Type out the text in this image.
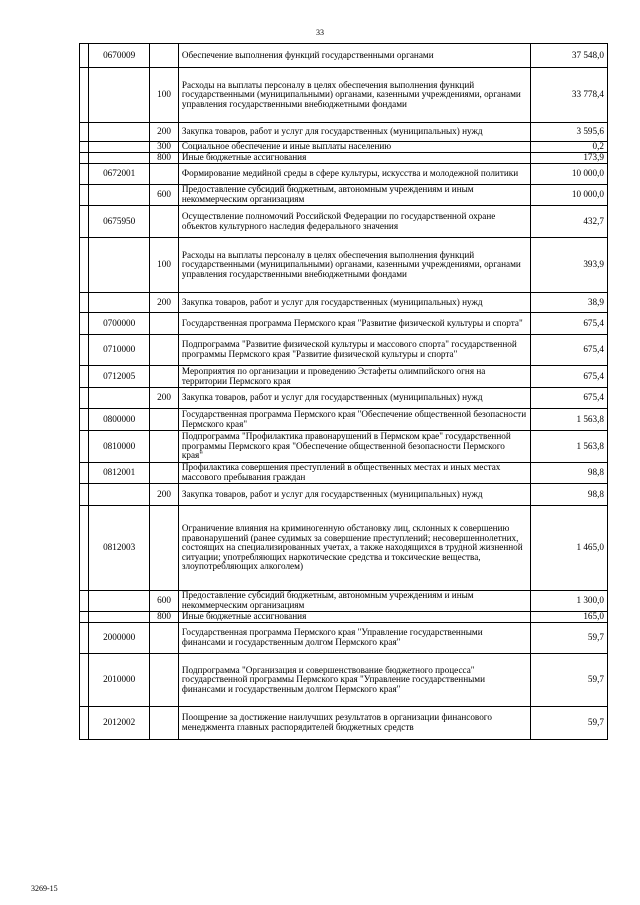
33
	0670009		Обеспечение выполнения функций государственными органами	37 548,0
		100	Расходы на выплаты персоналу в целях обеспечения выполнения функций государственными (муниципальными) органами, казенными учреждениями, органами управления государственными внебюджетными фондами	33 778,4
		200	Закупка товаров, работ и услуг для государственных (муниципальных) нужд	3 595,6
		300	Социальное обеспечение и иные выплаты населению	0,2
		800	Иные бюджетные ассигнования	173,9
	0672001		Формирование медийной среды в сфере культуры, искусства и молодежной политики	10 000,0
		600	Предоставление субсидий бюджетным, автономным учреждениям и иным некоммерческим организациям	10 000,0
	0675950		Осуществление полномочий Российской Федерации по государственной охране объектов культурного наследия федерального значения	432,7
		100	Расходы на выплаты персоналу в целях обеспечения выполнения функций государственными (муниципальными) органами, казенными учреждениями, органами управления государственными внебюджетными фондами	393,9
		200	Закупка товаров, работ и услуг для государственных (муниципальных) нужд	38,9
	0700000		Государственная программа Пермского края "Развитие физической культуры и спорта"	675,4
	0710000		Подпрограмма "Развитие физической культуры и массового спорта" государственной программы Пермского края "Развитие физической культуры и спорта"	675,4
	0712005		Мероприятия по организации и проведению Эстафеты олимпийского огня на территории Пермского края	675,4
		200	Закупка товаров, работ и услуг для государственных (муниципальных) нужд	675,4
	0800000		Государственная программа Пермского края "Обеспечение общественной безопасности Пермского края"	1 563,8
	0810000		Подпрограмма "Профилактика правонарушений в Пермском крае" государственной программы Пермского края "Обеспечение общественной безопасности Пермского края"	1 563,8
	0812001		Профилактика совершения преступлений в общественных местах и иных местах массового пребывания граждан	98,8
		200	Закупка товаров, работ и услуг для государственных (муниципальных) нужд	98,8
	0812003		Ограничение влияния на криминогенную обстановку лиц, склонных к совершению правонарушений (ранее судимых за совершение преступлений; несовершеннолетних, состоящих на специализированных учетах, а также находящихся в трудной жизненной ситуации; употребляющих наркотические средства и токсические вещества, злоупотребляющих алкоголем)	1 465,0
		600	Предоставление субсидий бюджетным, автономным учреждениям и иным некоммерческим организациям	1 300,0
		800	Иные бюджетные ассигнования	165,0
	2000000		Государственная программа Пермского края "Управление государственными финансами и государственным долгом Пермского края"	59,7
	2010000		Подпрограмма "Организация и совершенствование бюджетного процесса" государственной программы Пермского края "Управление государственными финансами и государственным долгом Пермского края"	59,7
	2012002		Поощрение за достижение наилучших результатов в организации финансового менеджмента главных распорядителей бюджетных средств	59,7
3269-15
